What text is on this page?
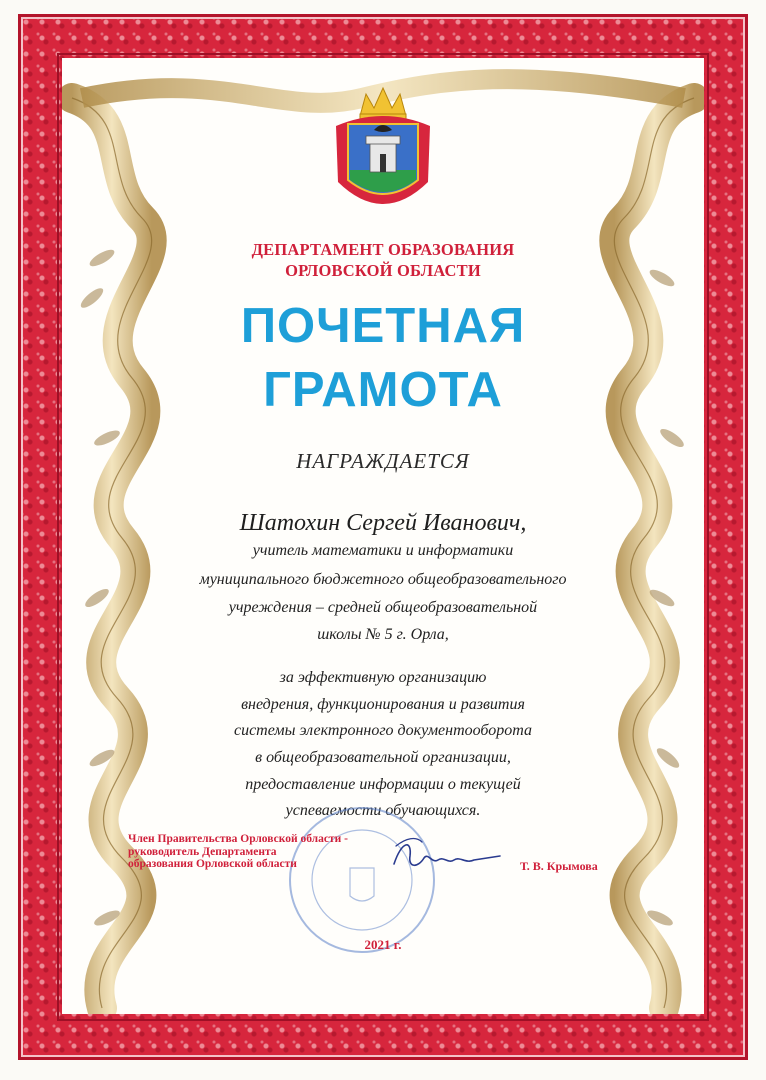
ДЕПАРТАМЕНТ ОБРАЗОВАНИЯ
ОРЛОВСКОЙ ОБЛАСТИ
ПОЧЕТНАЯ
ГРАМОТА
НАГРАЖДАЕТСЯ
Шатохин Сергей Иванович,
учитель математики и информатики
муниципального бюджетного общеобразовательного
учреждения – средней общеобразовательной
школы № 5 г. Орла,
за эффективную организацию
внедрения, функционирования и развития
системы электронного документооборота
в общеобразовательной организации,
предоставление информации о текущей
успеваемости обучающихся.
Член Правительства Орловской области -
руководитель Департамента
образования Орловской области	Т. В. Крымова
2021 г.
